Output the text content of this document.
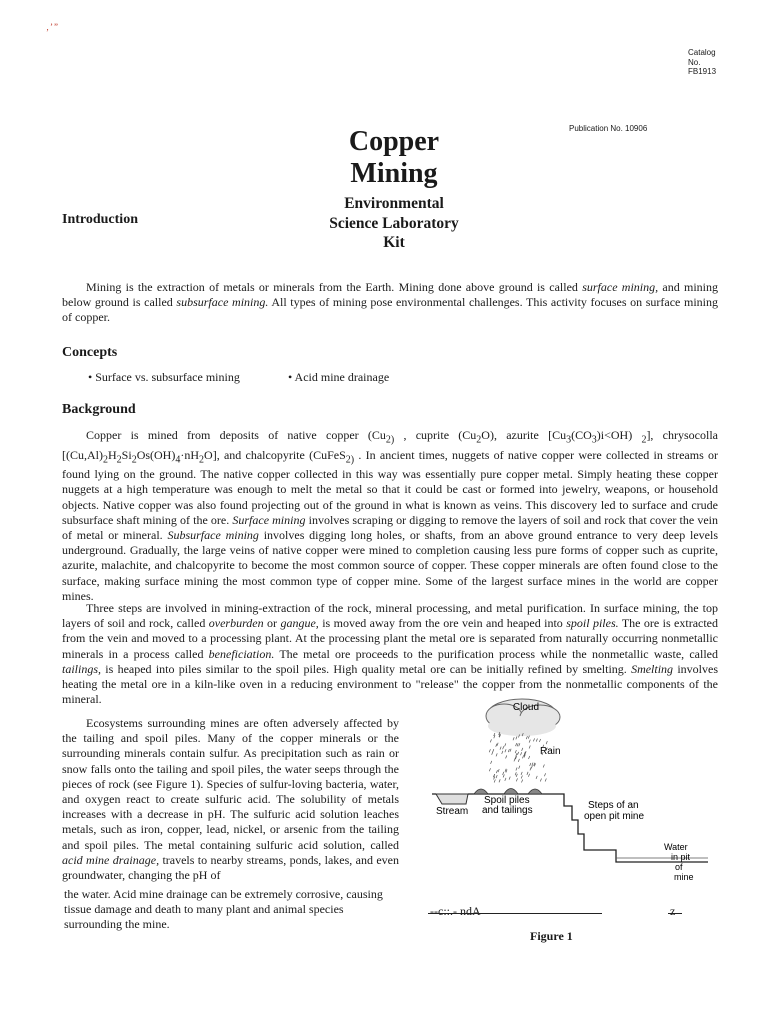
‚ʼ”
Catalog
No.
FB1913
Publication No. 10906
Copper
Mining
Environmental
Science Laboratory
Kit
Introduction
Mining is the extraction of metals or minerals from the Earth. Mining done above ground is called surface mining, and mining below ground is called subsurface mining. All types of mining pose environmental challenges. This activity focuses on surface mining of copper.
Concepts
• Surface vs. subsurface mining	• Acid mine drainage
Background
Copper is mined from deposits of native copper ($Cu_{2)}$ , cuprite $(Cu_2O)$, azurite $[Cu_3(CO_3)i<OH)$ $_2$], chrysocolla $[(Cu,Al)_2H_2Si_2Os(OH)_4\cdot nH_2O]$, and chalcopyrite (CuFeS$_{2)}$ . In ancient times, nuggets of native copper were collected in streams or found lying on the ground. The native copper collected in this way was essentially pure copper metal. Simply heating these copper nuggets at a high temperature was enough to melt the metal so that it could be cast or formed into jewelry, weapons, or household objects. Native copper was also found projecting out of the ground in what is known as veins. This discovery led to surface and crude subsurface shaft mining of the ore. Surface mining involves scraping or digging to remove the layers of soil and rock that cover the vein of metal or mineral. Subsurface mining involves digging long holes, or shafts, from an above ground entrance to very deep levels underground. Gradually, the large veins of native copper were mined to completion causing less pure forms of copper such as cuprite, azurite, malachite, and chalcopyrite to become the most common source of copper. These copper minerals are often found close to the surface, making surface mining the most common type of copper mine. Some of the largest surface mines in the world are copper mines.
Three steps are involved in mining-extraction of the rock, mineral processing, and metal purification. In surface mining, the top layers of soil and rock, called overburden or gangue, is moved away from the ore vein and heaped into spoil piles. The ore is extracted from the vein and moved to a processing plant. At the processing plant the metal ore is separated from naturally occurring nonmetallic minerals in a process called beneficiation. The metal ore proceeds to the purification process while the nonmetallic waste, called tailings, is heaped into piles similar to the spoil piles. High quality metal ore can be initially refined by smelting. Smelting involves heating the metal ore in a kiln-like oven in a reducing environment to "release" the copper from the nonmetallic components of the mineral.
Ecosystems surrounding mines are often adversely affected by the tailing and spoil piles. Many of the copper minerals or the surrounding minerals contain sulfur. As precipitation such as rain or snow falls onto the tailing and spoil piles, the water seeps through the pieces of rock (see Figure 1). Species of sulfur-loving bacteria, water, and oxygen react to create sulfuric acid. The solubility of metals increases with a decrease in pH. The sulfuric acid solution leaches metals, such as iron, copper, lead, nickel, or arsenic from the tailing and spoil piles. The metal containing sulfuric acid solution, called acid mine drainage, travels to nearby streams, ponds, lakes, and even groundwater, changing the pH of
the water. Acid mine drainage can be extremely corrosive, causing tissue damage and death to many plant and animal species surrounding the mine.
Cloud
Rain
Stream
Spoil piles
and tailings	Steps of an
open pit mine
Water
in pit
of
mine
--c::.- ndA	z
Figure 1
